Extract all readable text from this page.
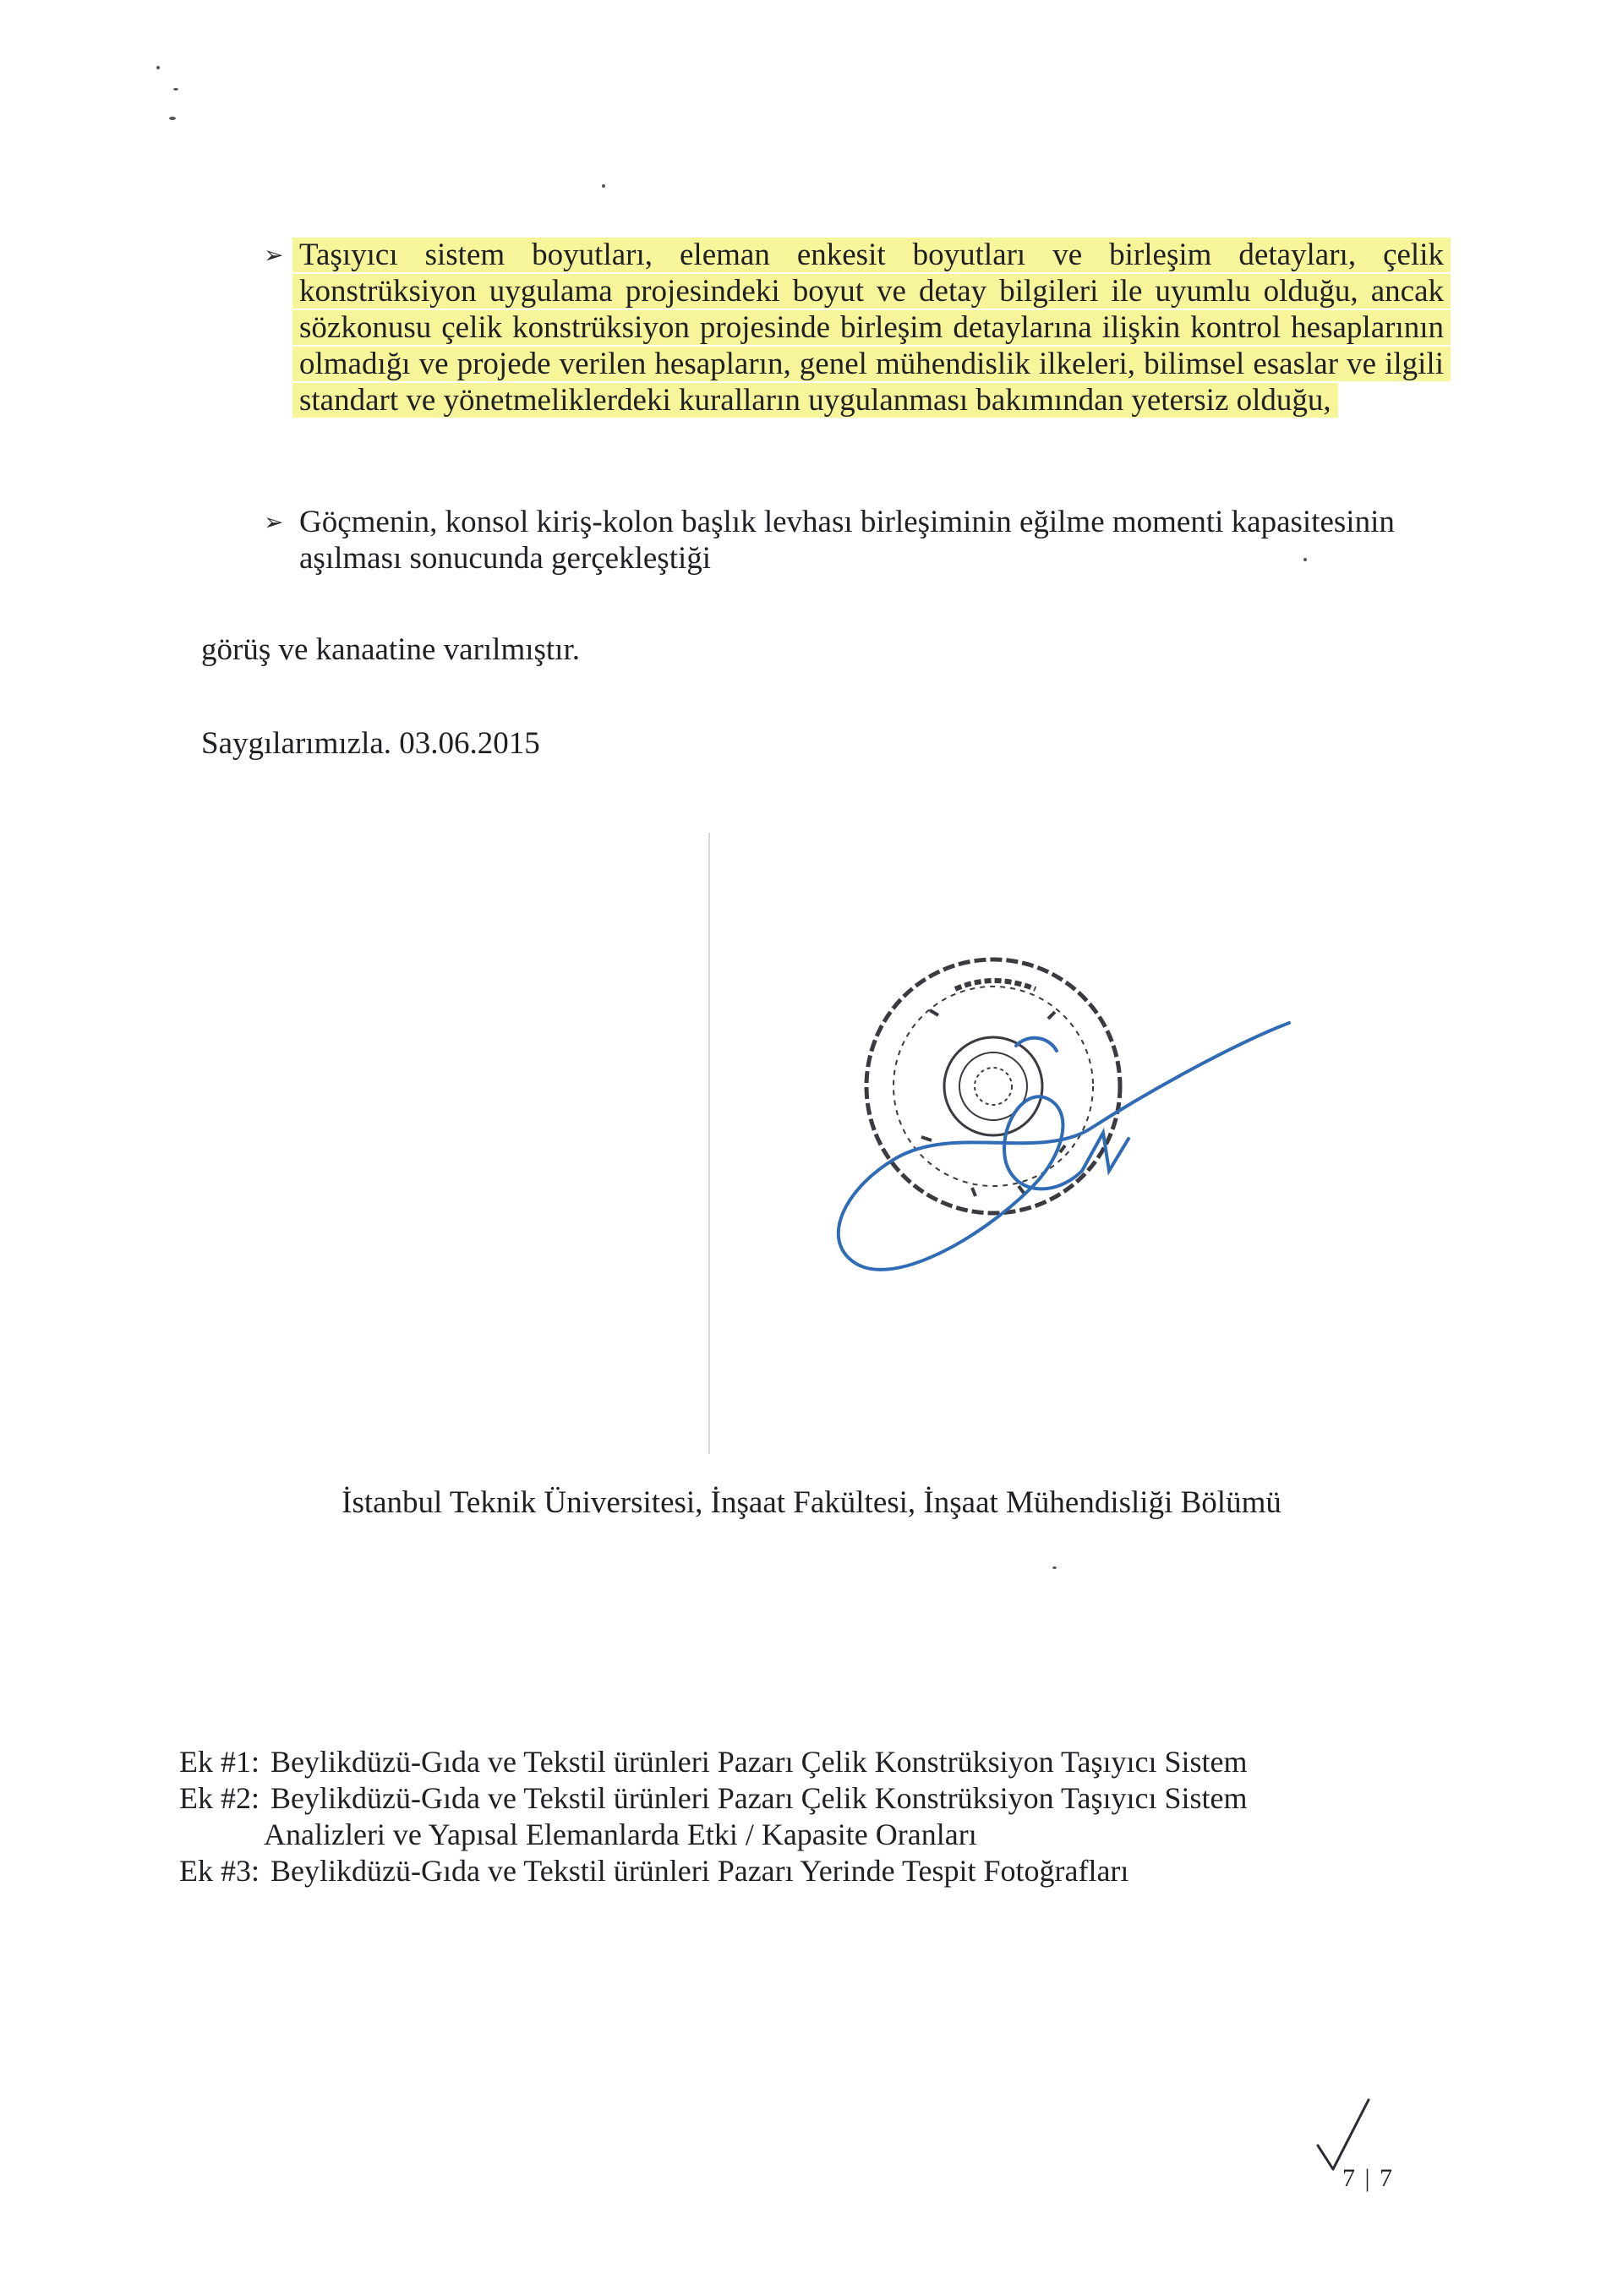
➢ Taşıyıcı sistem boyutları, eleman enkesit boyutları ve birleşim detayları, çelik konstrüksiyon uygulama projesindeki boyut ve detay bilgileri ile uyumlu olduğu, ancak sözkonusu çelik konstrüksiyon projesinde birleşim detaylarına ilişkin kontrol hesaplarının olmadığı ve projede verilen hesapların, genel mühendislik ilkeleri, bilimsel esaslar ve ilgili standart ve yönetmeliklerdeki kuralların uygulanması bakımından yetersiz olduğu,
➢ Göçmenin, konsol kiriş-kolon başlık levhası birleşiminin eğilme momenti kapasitesinin aşılması sonucunda gerçekleştiği
görüş ve kanaatine varılmıştır.
Saygılarımızla. 03.06.2015
İstanbul Teknik Üniversitesi, İnşaat Fakültesi, İnşaat Mühendisliği Bölümü
Ek #1: Beylikdüzü-Gıda ve Tekstil ürünleri Pazarı Çelik Konstrüksiyon Taşıyıcı Sistem
Ek #2: Beylikdüzü-Gıda ve Tekstil ürünleri Pazarı Çelik Konstrüksiyon Taşıyıcı Sistem
Analizleri ve Yapısal Elemanlarda Etki / Kapasite Oranları
Ek #3: Beylikdüzü-Gıda ve Tekstil ürünleri Pazarı Yerinde Tespit Fotoğrafları
7 | 7
